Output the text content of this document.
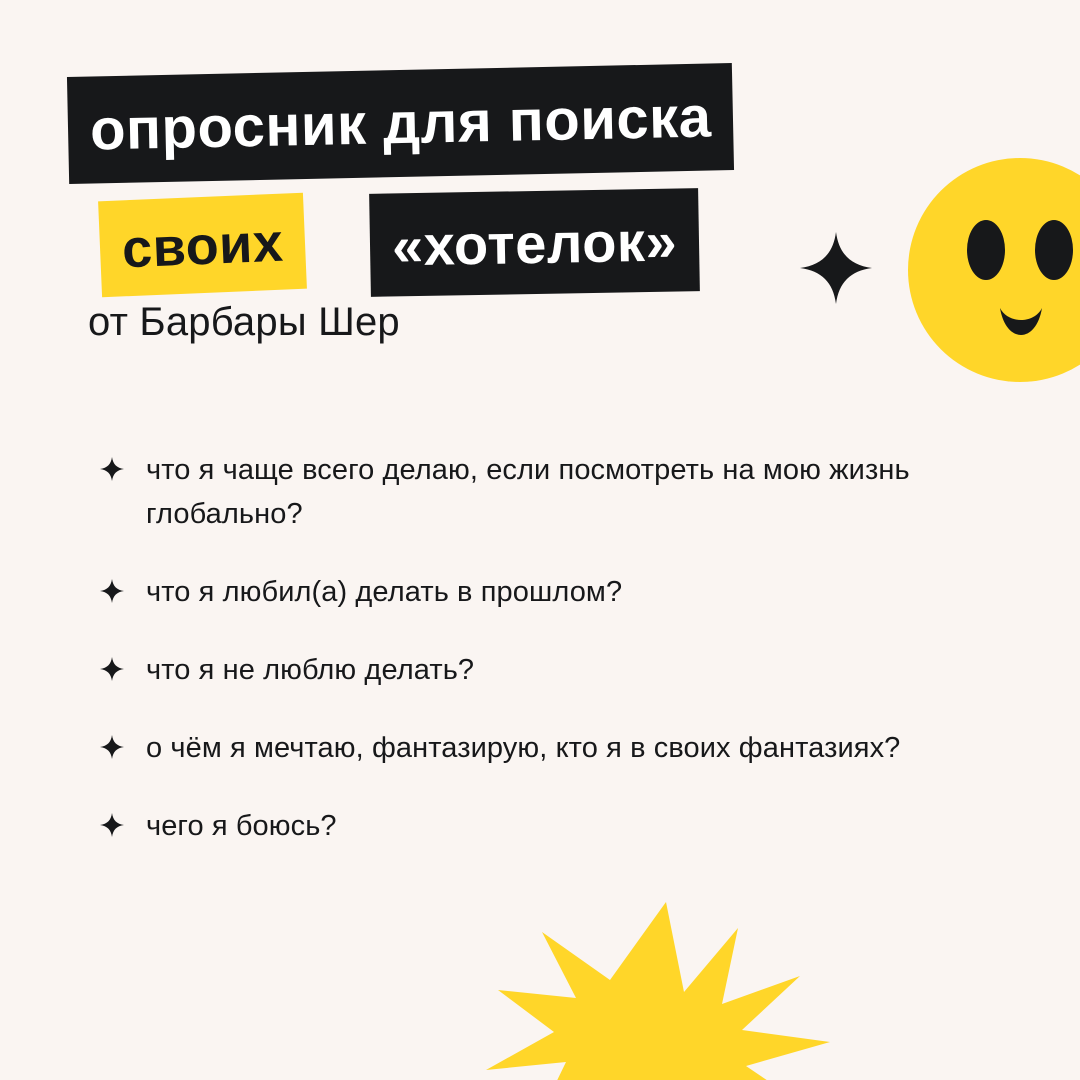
опросник для поиска
своих	«хотелок»
от Барбары Шер
что я чаще всего делаю, если посмотреть на мою жизнь глобально?
что я любил(а) делать в прошлом?
что я не люблю делать?
о чём я мечтаю, фантазирую, кто я в своих фантазиях?
чего я боюсь?
